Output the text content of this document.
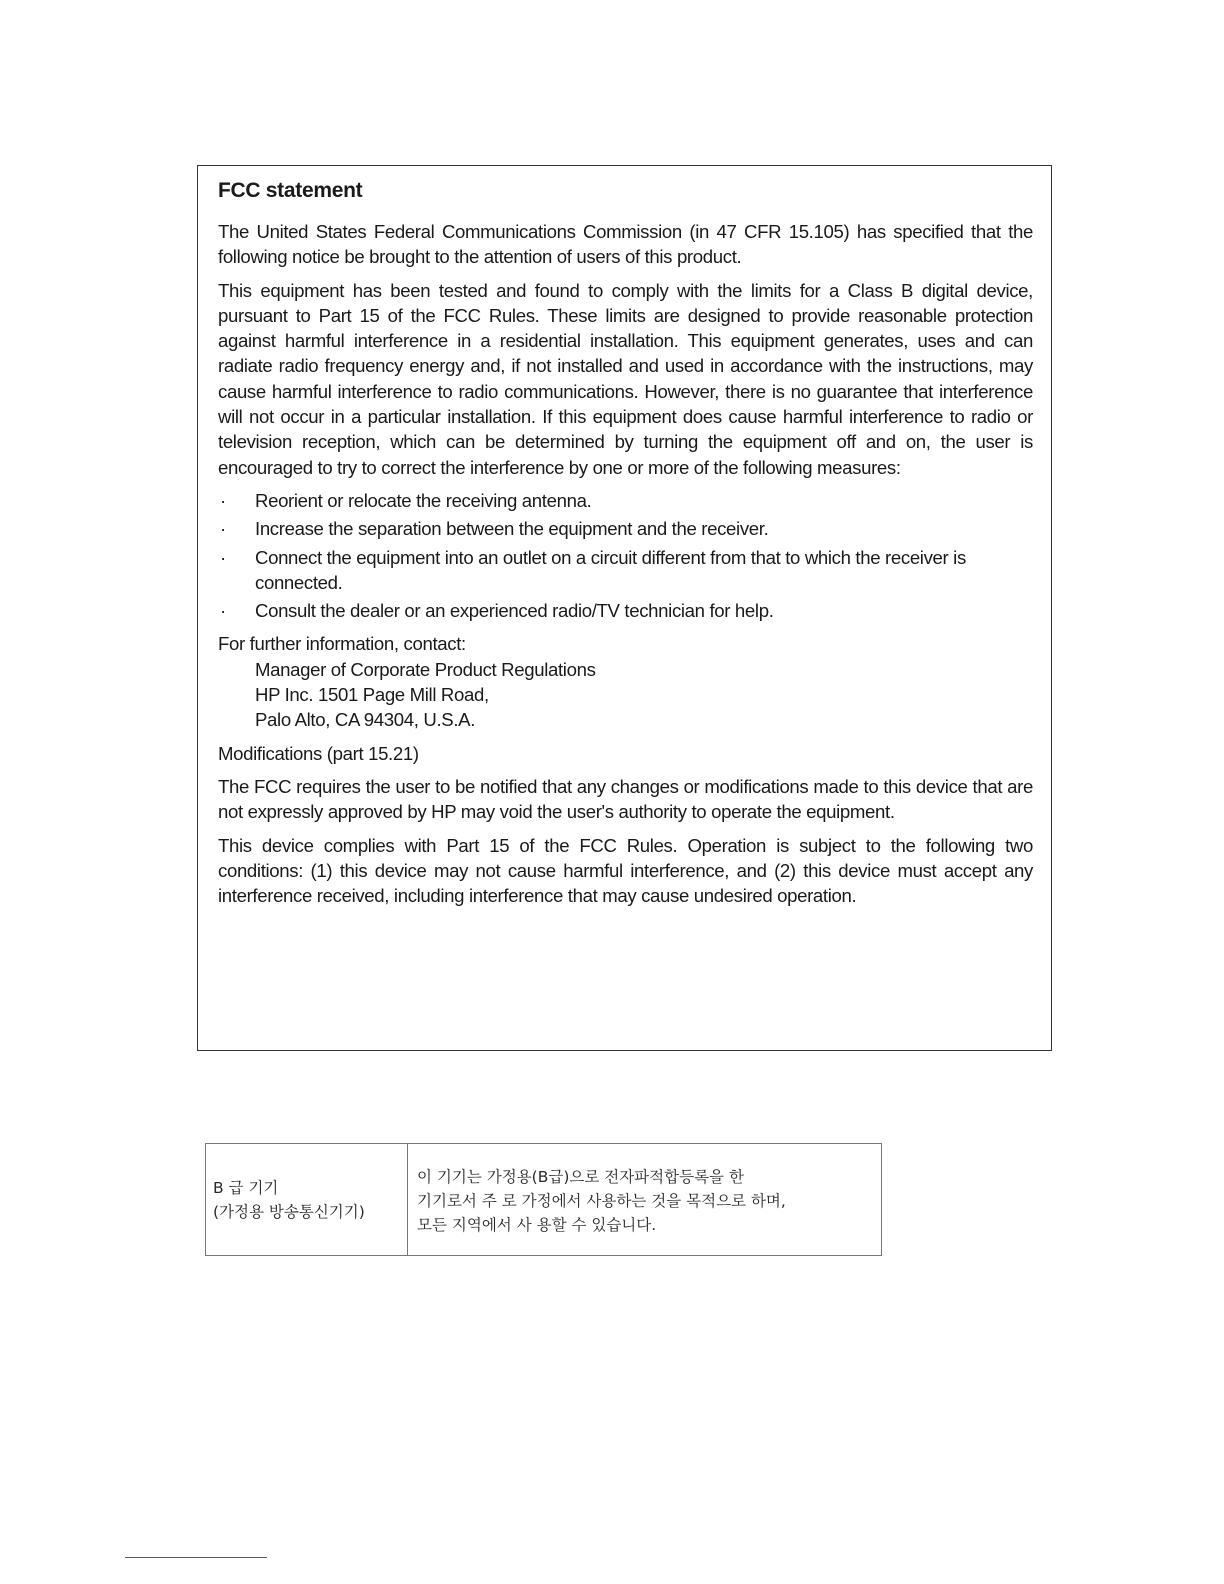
FCC statement

The United States Federal Communications Commission (in 47 CFR 15.105) has specified that the following notice be brought to the attention of users of this product.

This equipment has been tested and found to comply with the limits for a Class B digital device, pursuant to Part 15 of the FCC Rules. These limits are designed to provide reasonable protection against harmful interference in a residential installation. This equipment generates, uses and can radiate radio frequency energy and, if not installed and used in accordance with the instructions, may cause harmful interference to radio communications. However, there is no guarantee that interference will not occur in a particular installation. If this equipment does cause harmful interference to radio or television reception, which can be determined by turning the equipment off and on, the user is encouraged to try to correct the interference by one or more of the following measures:

· Reorient or relocate the receiving antenna.
· Increase the separation between the equipment and the receiver.
· Connect the equipment into an outlet on a circuit different from that to which the receiver is connected.
· Consult the dealer or an experienced radio/TV technician for help.
For further information, contact:
Manager of Corporate Product Regulations
HP Inc. 1501 Page Mill Road,
Palo Alto, CA 94304, U.S.A.

Modifications (part 15.21)

The FCC requires the user to be notified that any changes or modifications made to this device that are not expressly approved by HP may void the user's authority to operate the equipment.

This device complies with Part 15 of the FCC Rules. Operation is subject to the following two conditions: (1) this device may not cause harmful interference, and (2) this device must accept any interference received, including interference that may cause undesired operation.

B 급 기기
(가정용 방송통신기기)

이 기기는 가정용(B급)으로 전자파적합등록을 한
기기로서 주 로 가정에서 사용하는 것을 목적으로 하며,
모든 지역에서 사 용할 수 있습니다.
